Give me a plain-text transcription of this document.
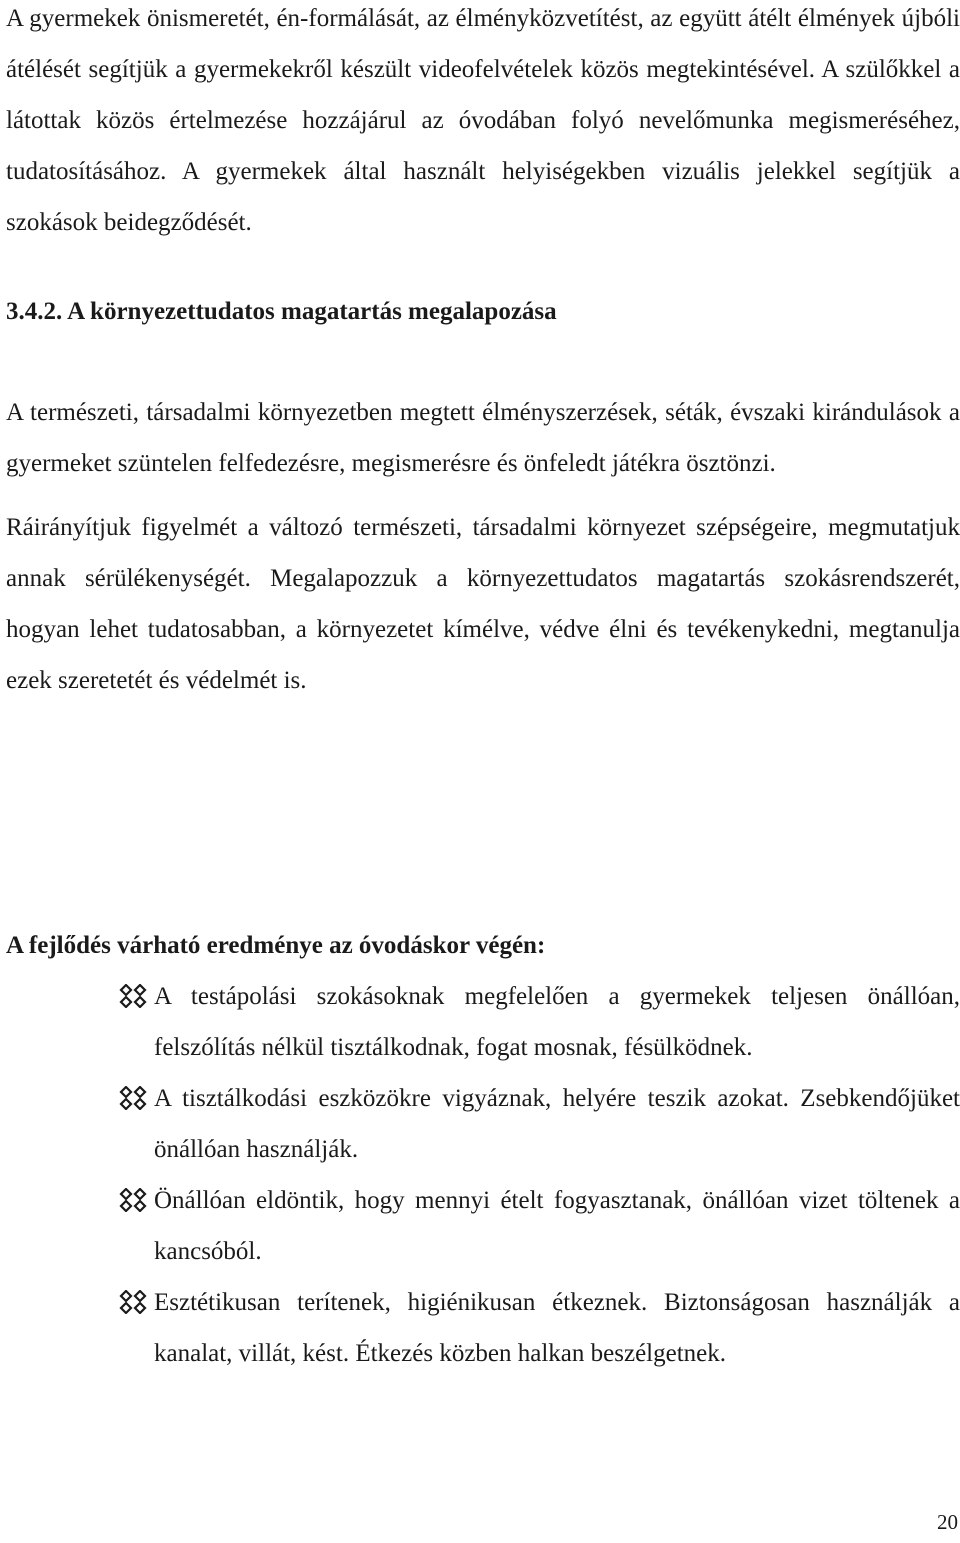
A gyermekek önismeretét, én-formálását, az élményközvetítést, az együtt átélt élmények újbóli átélését segítjük a gyermekekről készült videofelvételek közös megtekintésével. A szülőkkel a látottak közös értelmezése hozzájárul az óvodában folyó nevelőmunka megismeréséhez, tudatosításához. A gyermekek által használt helyiségekben vizuális jelekkel segítjük a szokások beidegződését.

3.4.2. A környezettudatos magatartás megalapozása

A természeti, társadalmi környezetben megtett élményszerzések, séták, évszaki kirándulások a gyermeket szüntelen felfedezésre, megismerésre és önfeledt játékra ösztönzi.

Ráirányítjuk figyelmét a változó természeti, társadalmi környezet szépségeire, megmutatjuk annak sérülékenységét. Megalapozzuk a környezettudatos magatartás szokásrendszerét, hogyan lehet tudatosabban, a környezetet kímélve, védve élni és tevékenykedni, megtanulja ezek szeretetét és védelmét is.

A fejlődés várható eredménye az óvodáskor végén:

A testápolási szokásoknak megfelelően a gyermekek teljesen önállóan, felszólítás nélkül tisztálkodnak, fogat mosnak, fésülködnek.
A tisztálkodási eszközökre vigyáznak, helyére teszik azokat. Zsebkendőjüket önállóan használják.
Önállóan eldöntik, hogy mennyi ételt fogyasztanak, önállóan vizet töltenek a kancsóból.
Esztétikusan terítenek, higiénikusan étkeznek. Biztonságosan használják a kanalat, villát, kést. Étkezés közben halkan beszélgetnek.
20
